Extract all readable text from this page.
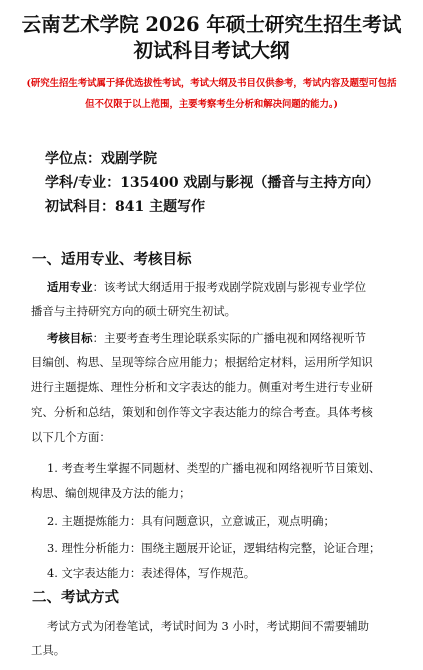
云南艺术学院 2026 年硕士研究生招生考试
初试科目考试大纲
(研究生招生考试属于择优选拔性考试，考试大纲及书目仅供参考，考试内容及题型可包括
但不仅限于以上范围，主要考察考生分析和解决问题的能力。)
学位点：戏剧学院
学科/专业：135400 戏剧与影视（播音与主持方向）
初试科目：841 主题写作
一、适用专业、考核目标
适用专业：该考试大纲适用于报考戏剧学院戏剧与影视专业学位
播音与主持研究方向的硕士研究生初试。
考核目标：主要考查考生理论联系实际的广播电视和网络视听节
目编创、构思、呈现等综合应用能力；根据给定材料，运用所学知识
进行主题提炼、理性分析和文字表达的能力。侧重对考生进行专业研
究、分析和总结，策划和创作等文字表达能力的综合考查。具体考核
以下几个方面：
1. 考查考生掌握不同题材、类型的广播电视和网络视听节目策划、
构思、编创规律及方法的能力；
2. 主题提炼能力：具有问题意识，立意诚正，观点明确；
3. 理性分析能力：围绕主题展开论证，逻辑结构完整，论证合理；
4. 文字表达能力：表述得体，写作规范。
二、考试方式
考试方式为闭卷笔试，考试时间为 3 小时，考试期间不需要辅助
工具。
